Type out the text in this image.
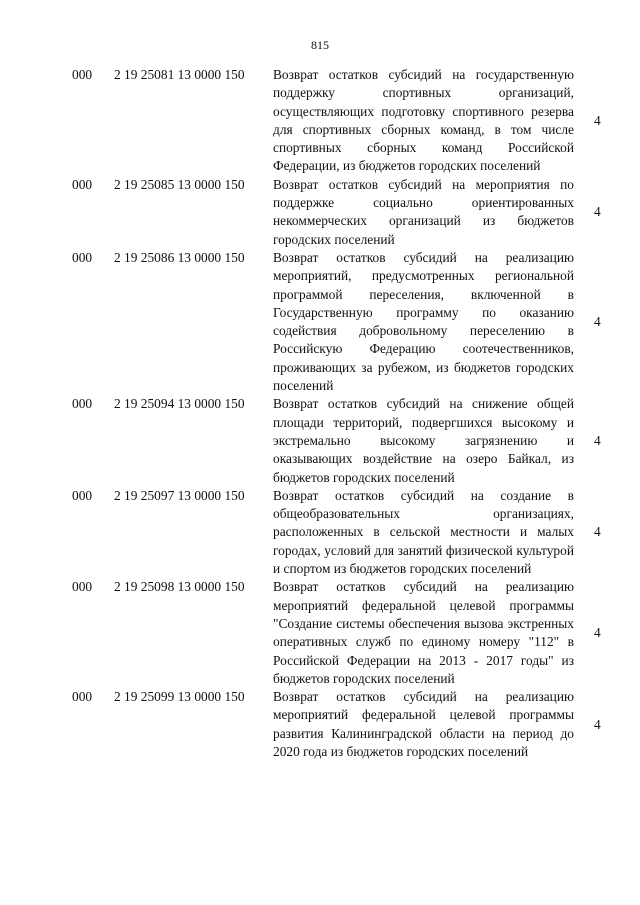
815
000 2 19 25081 13 0000 150 Возврат остатков субсидий на государственную поддержку спортивных организаций, осуществляющих подготовку спортивного резерва для спортивных сборных команд, в том числе спортивных сборных команд Российской Федерации, из бюджетов городских поселений
4
000 2 19 25085 13 0000 150 Возврат остатков субсидий на мероприятия по поддержке социально ориентированных некоммерческих организаций из бюджетов городских поселений
4
000 2 19 25086 13 0000 150 Возврат остатков субсидий на реализацию мероприятий, предусмотренных региональной программой переселения, включенной в Государственную программу по оказанию содействия добровольному переселению в Российскую Федерацию соотечественников, проживающих за рубежом, из бюджетов городских поселений
4
000 2 19 25094 13 0000 150 Возврат остатков субсидий на снижение общей площади территорий, подвергшихся высокому и экстремально высокому загрязнению и оказывающих воздействие на озеро Байкал, из бюджетов городских поселений
4
000 2 19 25097 13 0000 150 Возврат остатков субсидий на создание в общеобразовательных организациях, расположенных в сельской местности и малых городах, условий для занятий физической культурой и спортом из бюджетов городских поселений
4
000 2 19 25098 13 0000 150 Возврат остатков субсидий на реализацию мероприятий федеральной целевой программы "Создание системы обеспечения вызова экстренных оперативных служб по единому номеру "112" в Российской Федерации на 2013 - 2017 годы" из бюджетов городских поселений
4
000 2 19 25099 13 0000 150 Возврат остатков субсидий на реализацию мероприятий федеральной целевой программы развития Калининградской области на период до 2020 года из бюджетов городских поселений
4
